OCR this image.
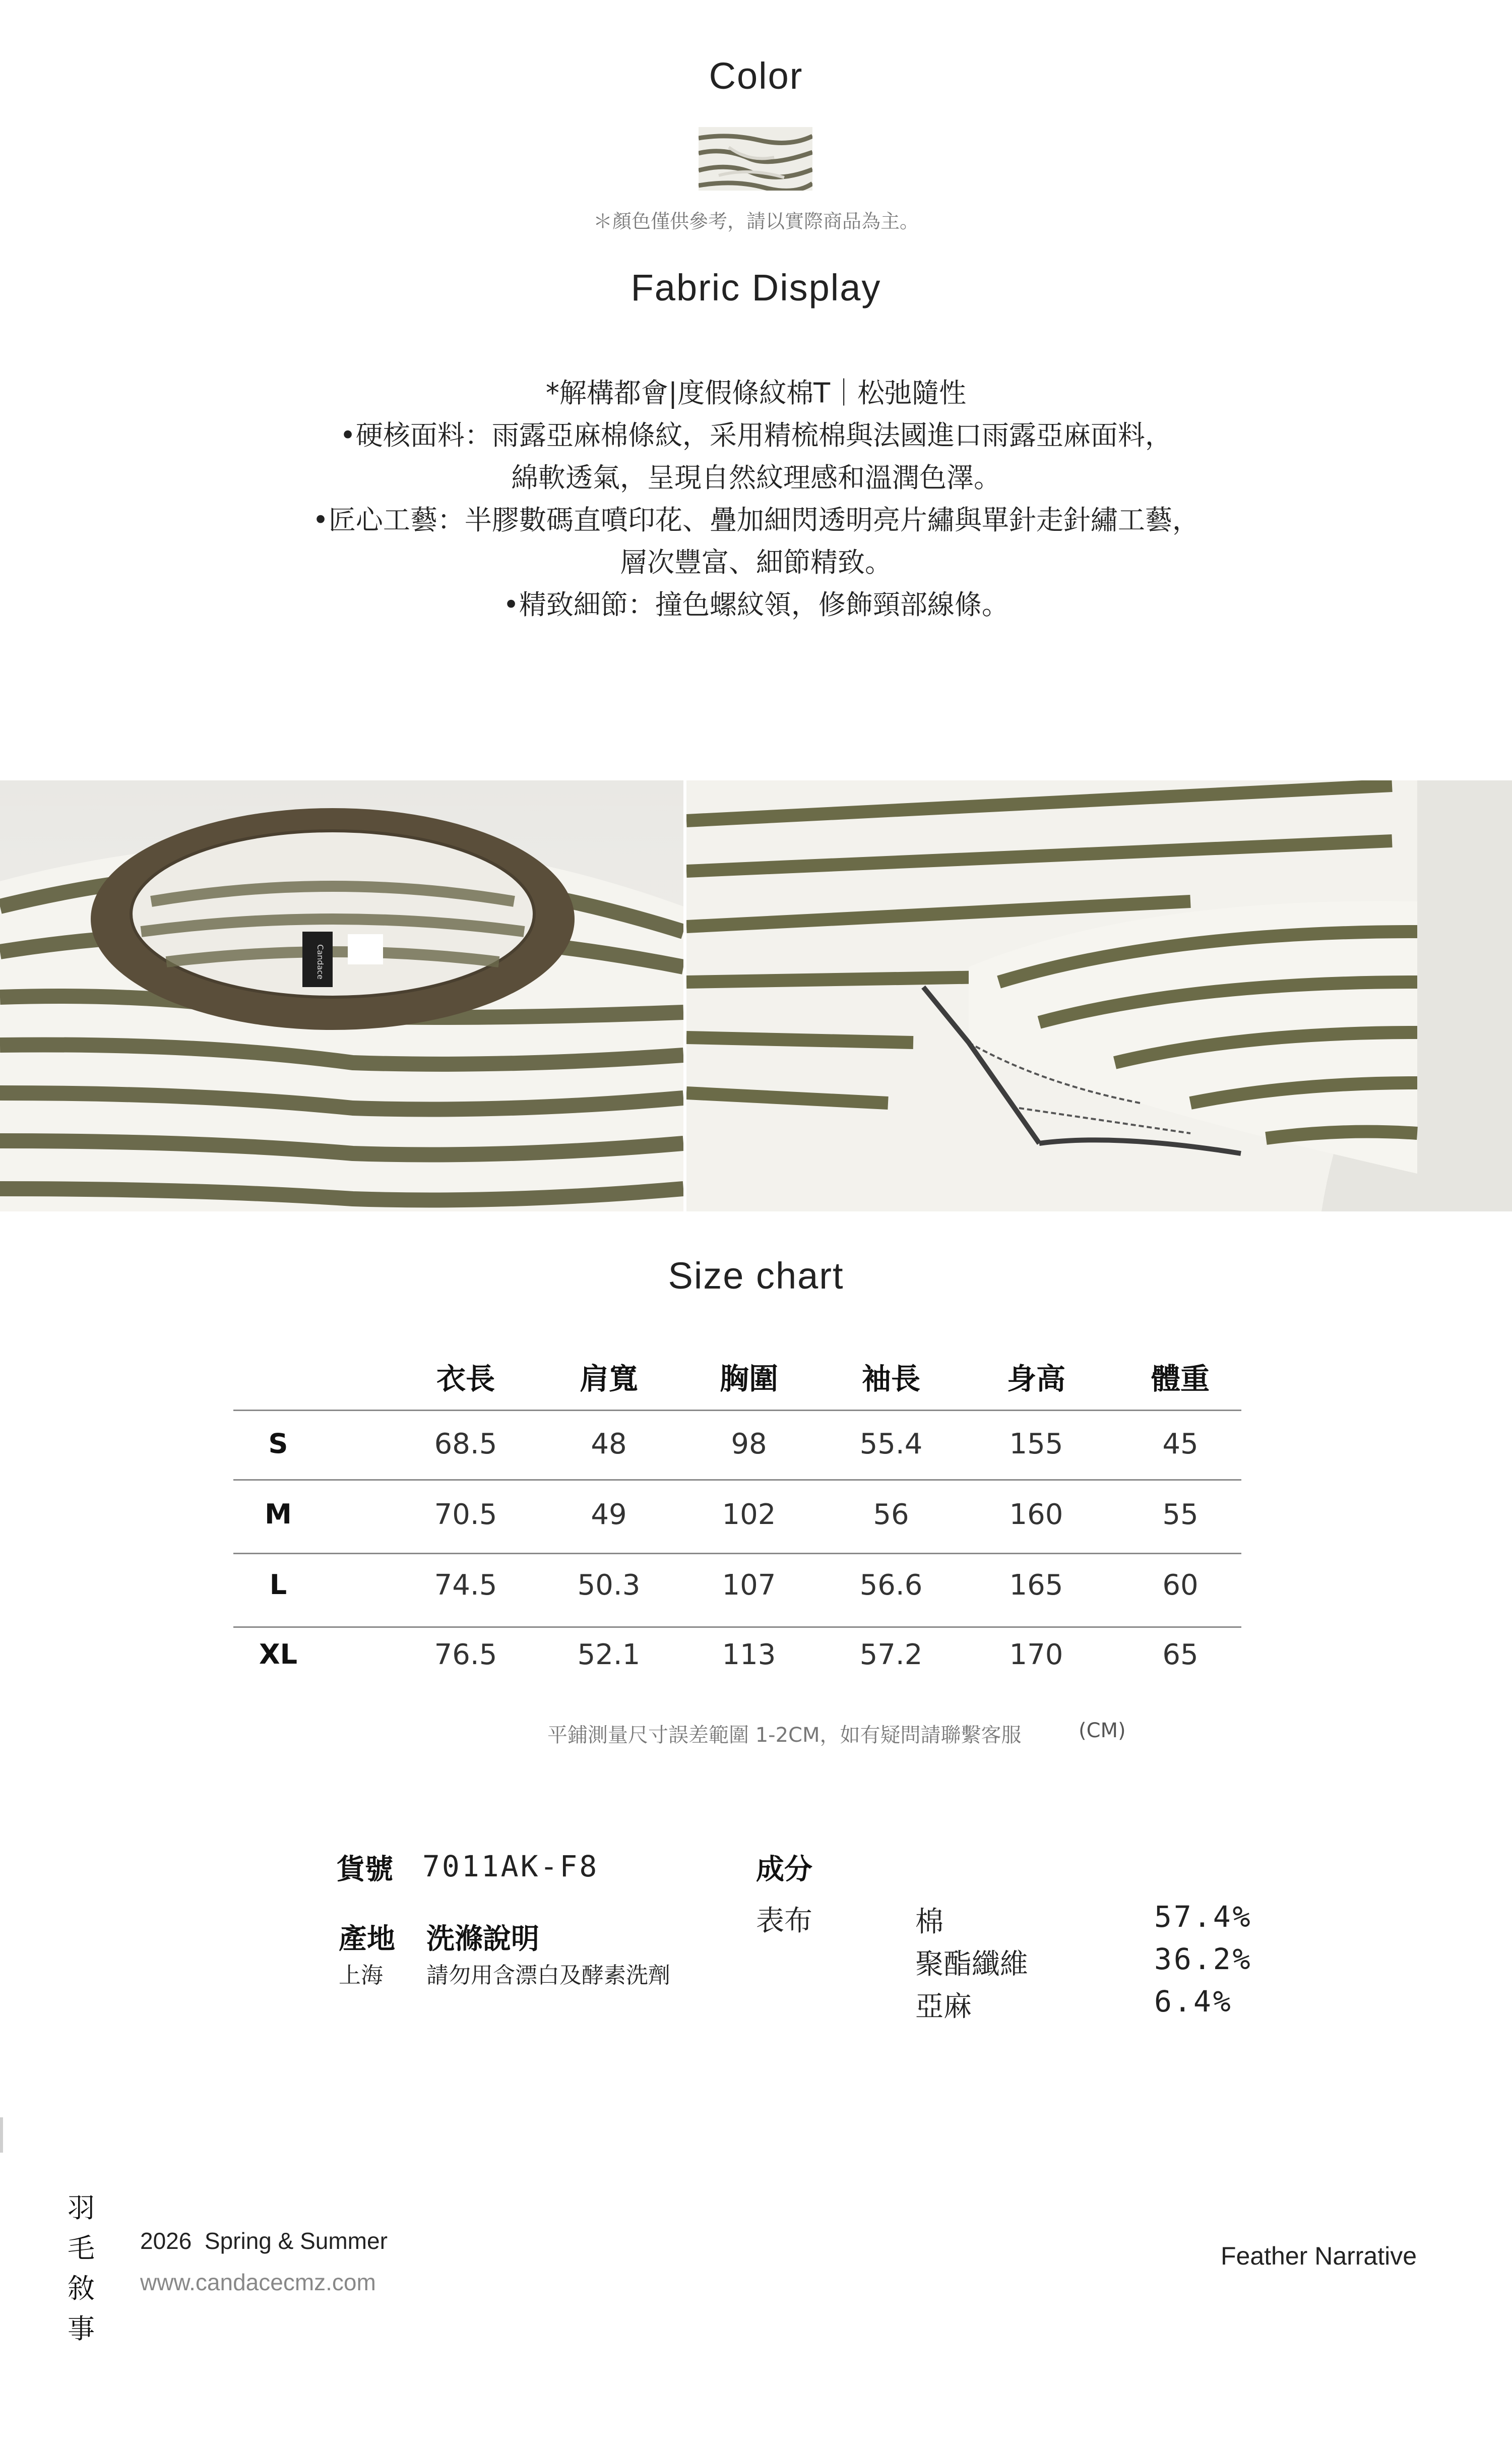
Color
＊顏色僅供參考，請以實際商品為主。
Fabric Display
*解構都會|度假條紋棉T｜松弛隨性
•硬核面料：雨露亞麻棉條紋，采用精梳棉與法國進口雨露亞麻面料，
綿軟透氣，呈現自然紋理感和溫潤色澤。
•匠心工藝：半膠數碼直噴印花、疊加細閃透明亮片繡與單針走針繡工藝，
層次豐富、細節精致。
•精致細節：撞色螺紋領，修飾頸部線條。
Candace
Size chart
衣長	肩寬	胸圍	袖長	身高	體重
S	68.5	48	98	55.4	155	45
M	70.5	49	102	56	160	55
L	74.5	50.3	107	56.6	165	60
XL	76.5	52.1	113	57.2	170	65
平鋪測量尺寸誤差範圍 1-2CM，如有疑問請聯繫客服	(CM)
貨號 7011AK-F8
產地 洗滌說明
上海 請勿用含漂白及酵素洗劑
成分
表布	棉	57.4%
聚酯纖維	36.2%
亞麻	6.4%
羽
毛
敘
事
2026  Spring & Summer
www.candacecmz.com
Feather Narrative
